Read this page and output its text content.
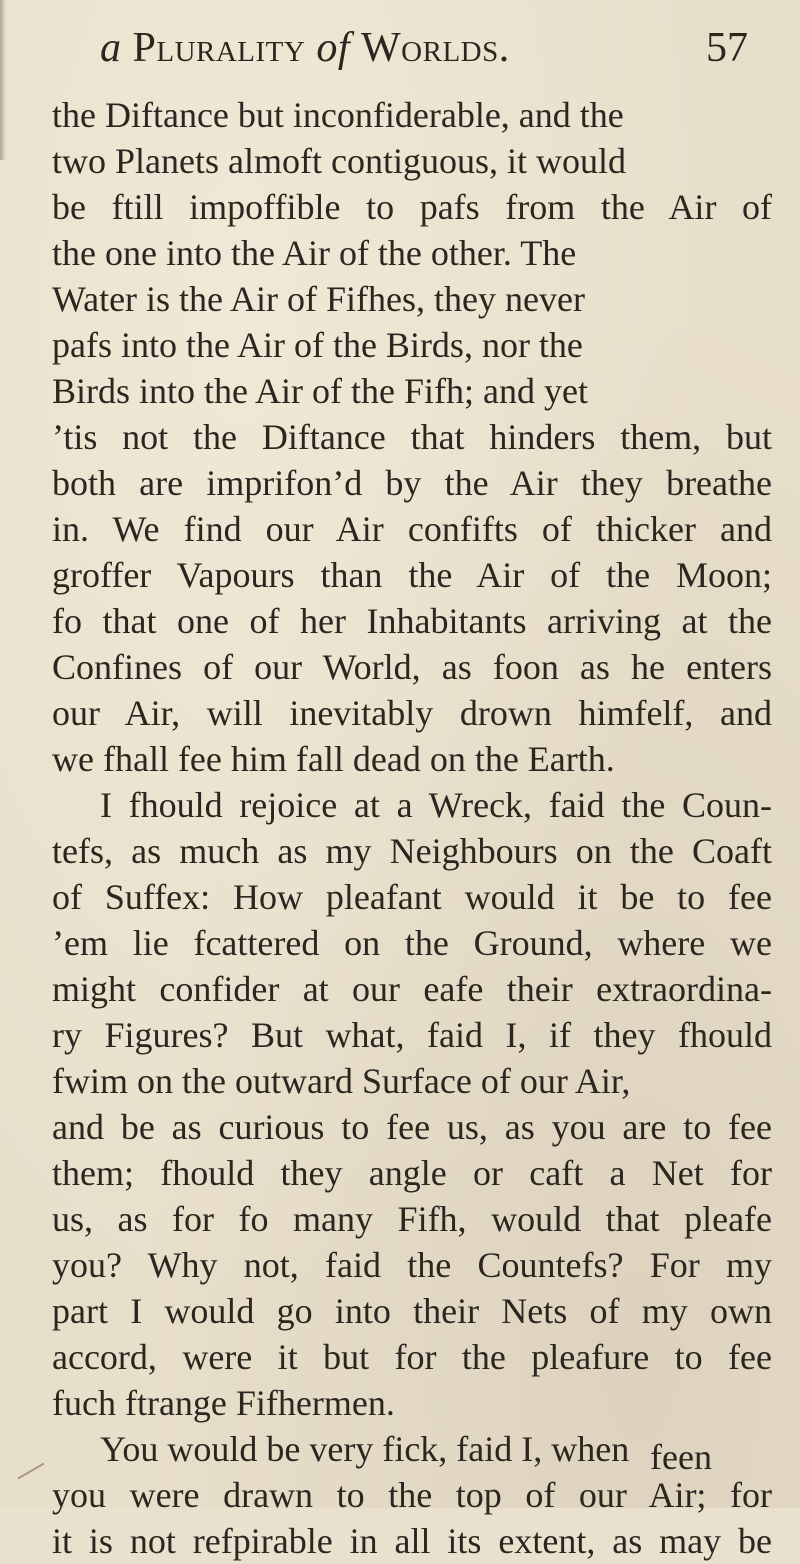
a Plurality of Worlds.	57
the Diftance but inconfiderable, and the
two Planets almoft contiguous, it would
be ftill impoffible to pafs from the Air of
the one into the Air of the other. The
Water is the Air of Fifhes, they never
pafs into the Air of the Birds, nor the
Birds into the Air of the Fifh; and yet
’tis not the Diftance that hinders them, but
both are imprifon’d by the Air they breathe
in. We find our Air confifts of thicker and
groffer Vapours than the Air of the Moon;
fo that one of her Inhabitants arriving at the
Confines of our World, as foon as he enters
our Air, will inevitably drown himfelf, and
we fhall fee him fall dead on the Earth.
I fhould rejoice at a Wreck, faid the Coun-
tefs, as much as my Neighbours on the Coaft
of Suffex: How pleafant would it be to fee
’em lie fcattered on the Ground, where we
might confider at our eafe their extraordina-
ry Figures? But what, faid I, if they fhould
fwim on the outward Surface of our Air,
and be as curious to fee us, as you are to fee
them; fhould they angle or caft a Net for
us, as for fo many Fifh, would that pleafe
you? Why not, faid the Countefs? For my
part I would go into their Nets of my own
accord, were it but for the pleafure to fee
fuch ftrange Fifhermen.
You would be very fick, faid I, when
you were drawn to the top of our Air; for
it is not refpirable in all its extent, as may be
feen
